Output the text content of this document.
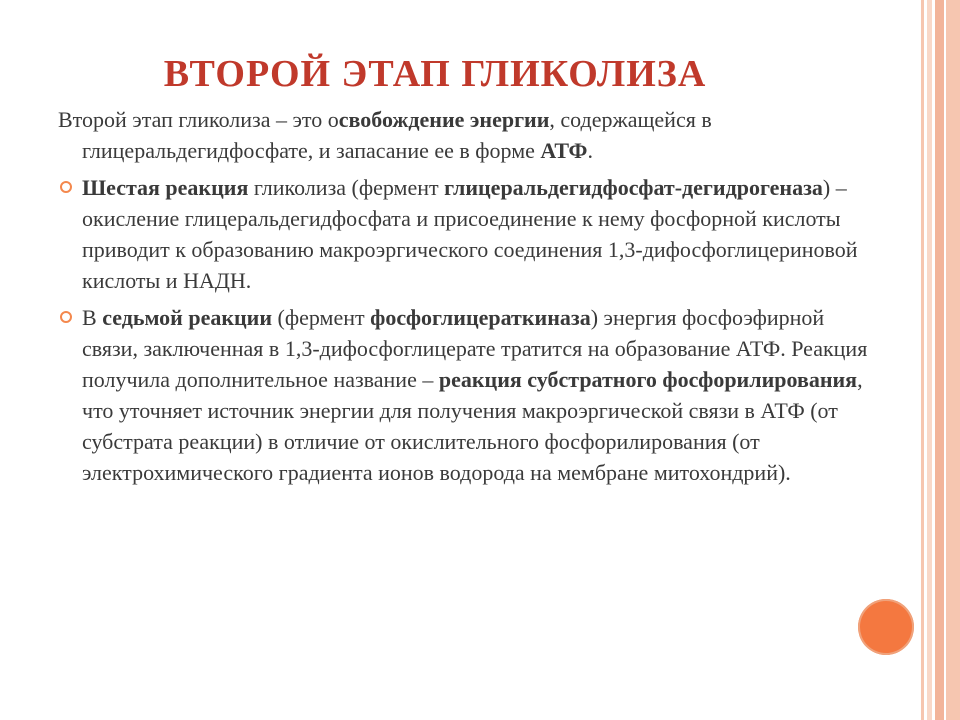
ВТОРОЙ ЭТАП ГЛИКОЛИЗА

Второй этап гликолиза – это освобождение энергии, содержащейся в глицеральдегидфосфате, и запасание ее в форме АТФ.

Шестая реакция гликолиза (фермент глицеральдегидфосфат-дегидрогеназа) – окисление глицеральдегидфосфата и присоединение к нему фосфорной кислоты приводит к образованию макроэргического соединения 1,3-дифосфоглицериновой кислоты и НАДН.

В седьмой реакции (фермент фосфоглицераткиназа) энергия фосфоэфирной связи, заключенная в 1,3-дифосфоглицерате тратится на образование АТФ. Реакция получила дополнительное название – реакция субстратного фосфорилирования, что уточняет источник энергии для получения макроэргической связи в АТФ (от субстрата реакции) в отличие от окислительного фосфорилирования (от электрохимического градиента ионов водорода на мембране митохондрий).
